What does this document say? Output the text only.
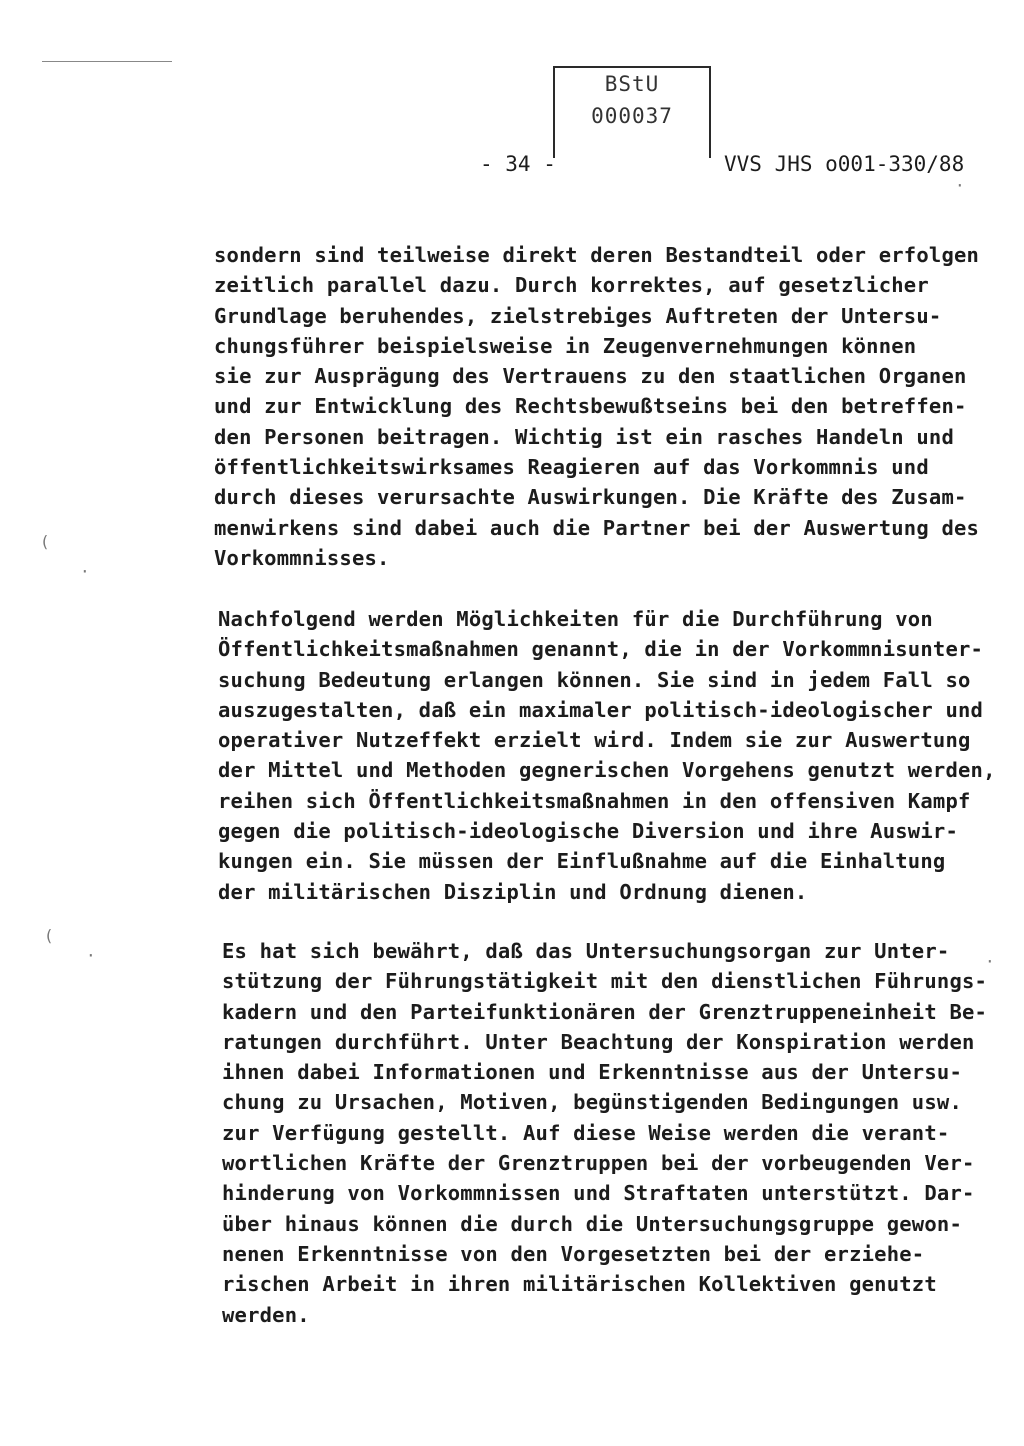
BStU
000037
- 34 -	VVS JHS o001-330/88

sondern sind teilweise direkt deren Bestandteil oder erfolgen
zeitlich parallel dazu. Durch korrektes, auf gesetzlicher
Grundlage beruhendes, zielstrebiges Auftreten der Untersu-
chungsführer beispielsweise in Zeugenvernehmungen können
sie zur Ausprägung des Vertrauens zu den staatlichen Organen
und zur Entwicklung des Rechtsbewußtseins bei den betreffen-
den Personen beitragen. Wichtig ist ein rasches Handeln und
öffentlichkeitswirksames Reagieren auf das Vorkommnis und
durch dieses verursachte Auswirkungen. Die Kräfte des Zusam-
menwirkens sind dabei auch die Partner bei der Auswertung des
Vorkommnisses.

Nachfolgend werden Möglichkeiten für die Durchführung von
Öffentlichkeitsmaßnahmen genannt, die in der Vorkommnisunter-
suchung Bedeutung erlangen können. Sie sind in jedem Fall so
auszugestalten, daß ein maximaler politisch-ideologischer und
operativer Nutzeffekt erzielt wird. Indem sie zur Auswertung
der Mittel und Methoden gegnerischen Vorgehens genutzt werden,
reihen sich Öffentlichkeitsmaßnahmen in den offensiven Kampf
gegen die politisch-ideologische Diversion und ihre Auswir-
kungen ein. Sie müssen der Einflußnahme auf die Einhaltung
der militärischen Disziplin und Ordnung dienen.

Es hat sich bewährt, daß das Untersuchungsorgan zur Unter-
stützung der Führungstätigkeit mit den dienstlichen Führungs-
kadern und den Parteifunktionären der Grenztruppeneinheit Be-
ratungen durchführt. Unter Beachtung der Konspiration werden
ihnen dabei Informationen und Erkenntnisse aus der Untersu-
chung zu Ursachen, Motiven, begünstigenden Bedingungen usw.
zur Verfügung gestellt. Auf diese Weise werden die verant-
wortlichen Kräfte der Grenztruppen bei der vorbeugenden Ver-
hinderung von Vorkommnissen und Straftaten unterstützt. Dar-
über hinaus können die durch die Untersuchungsgruppe gewon-
nenen Erkenntnisse von den Vorgesetzten bei der erziehe-
rischen Arbeit in ihren militärischen Kollektiven genutzt
werden.

(
·
(
·
·
·
